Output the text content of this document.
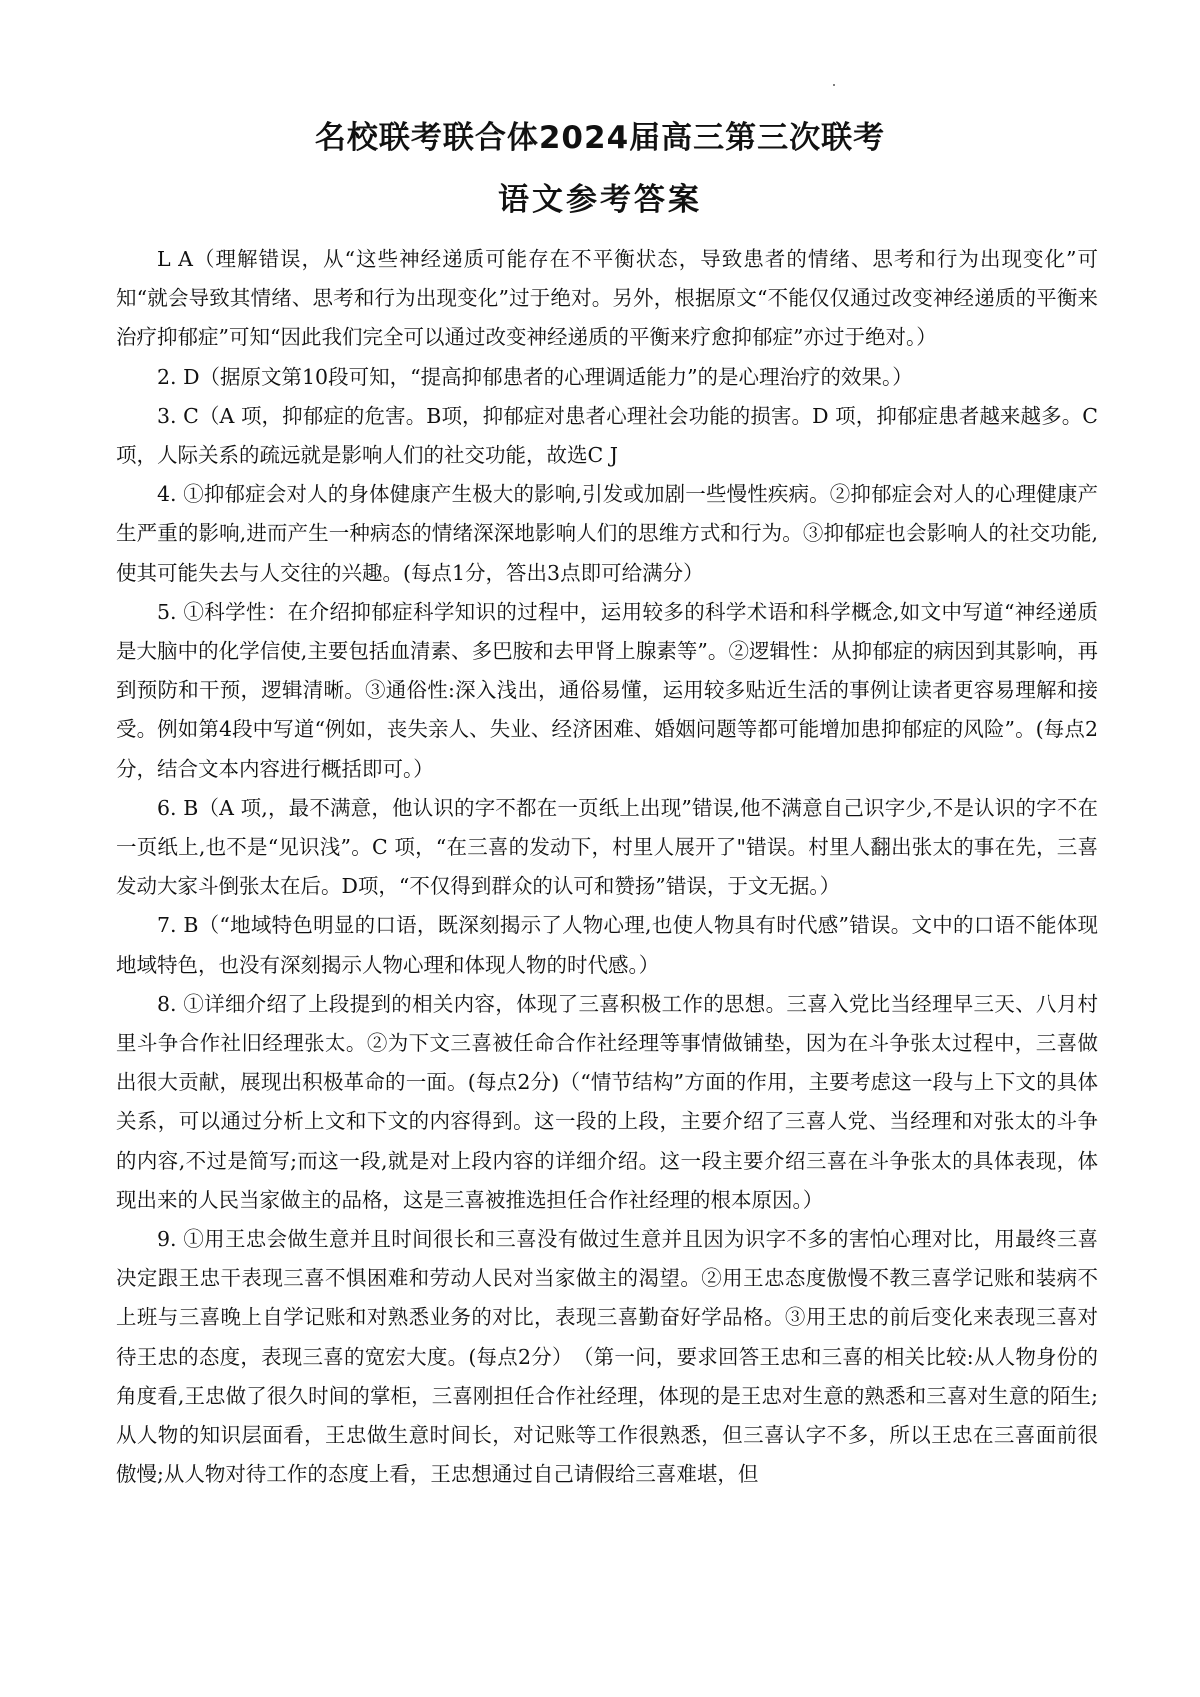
名校联考联合体2024届高三第三次联考
语文参考答案

L A（理解错误，从“这些神经递质可能存在不平衡状态，导致患者的情绪、思考和行为出现变化”可知“就会导致其情绪、思考和行为出现变化”过于绝对。另外，根据原文“不能仅仅通过改变神经递质的平衡来治疗抑郁症”可知“因此我们完全可以通过改变神经递质的平衡来疗愈抑郁症”亦过于绝对。）

2. D（据原文第10段可知，“提高抑郁患者的心理调适能力”的是心理治疗的效果。）

3. C（A 项，抑郁症的危害。B项，抑郁症对患者心理社会功能的损害。D 项，抑郁症患者越来越多。C 项，人际关系的疏远就是影响人们的社交功能，故选C J

4. ①抑郁症会对人的身体健康产生极大的影响,引发或加剧一些慢性疾病。②抑郁症会对人的心理健康产生严重的影响,进而产生一种病态的情绪深深地影响人们的思维方式和行为。③抑郁症也会影响人的社交功能,使其可能失去与人交往的兴趣。(每点1分，答出3点即可给满分）

5. ①科学性：在介绍抑郁症科学知识的过程中，运用较多的科学术语和科学概念,如文中写道“神经递质是大脑中的化学信使,主要包括血清素、多巴胺和去甲肾上腺素等”。②逻辑性：从抑郁症的病因到其影响，再到预防和干预，逻辑清晰。③通俗性:深入浅出，通俗易懂，运用较多贴近生活的事例让读者更容易理解和接受。例如第4段中写道“例如，丧失亲人、失业、经济困难、婚姻问题等都可能增加患抑郁症的风险”。(每点2分，结合文本内容进行概括即可。）

6. B（A 项,，最不满意，他认识的字不都在一页纸上出现”错误,他不满意自己识字少,不是认识的字不在一页纸上,也不是“见识浅”。C 项，“在三喜的发动下，村里人展开了"错误。村里人翻出张太的事在先，三喜发动大家斗倒张太在后。D项，“不仅得到群众的认可和赞扬”错误，于文无据。）

7. B（“地域特色明显的口语，既深刻揭示了人物心理,也使人物具有时代感”错误。文中的口语不能体现地域特色，也没有深刻揭示人物心理和体现人物的时代感。）

8. ①详细介绍了上段提到的相关内容，体现了三喜积极工作的思想。三喜入党比当经理早三天、八月村里斗争合作社旧经理张太。②为下文三喜被任命合作社经理等事情做铺垫，因为在斗争张太过程中，三喜做出很大贡献，展现出积极革命的一面。(每点2分)（“情节结构”方面的作用，主要考虑这一段与上下文的具体关系，可以通过分析上文和下文的内容得到。这一段的上段，主要介绍了三喜人党、当经理和对张太的斗争的内容,不过是简写;而这一段,就是对上段内容的详细介绍。这一段主要介绍三喜在斗争张太的具体表现，体现出来的人民当家做主的品格，这是三喜被推选担任合作社经理的根本原因。）

9. ①用王忠会做生意并且时间很长和三喜没有做过生意并且因为识字不多的害怕心理对比，用最终三喜决定跟王忠干表现三喜不惧困难和劳动人民对当家做主的渴望。②用王忠态度傲慢不教三喜学记账和装病不上班与三喜晚上自学记账和对熟悉业务的对比，表现三喜勤奋好学品格。③用王忠的前后变化来表现三喜对待王忠的态度，表现三喜的宽宏大度。(每点2分）　（第一问，要求回答王忠和三喜的相关比较:从人物身份的角度看,王忠做了很久时间的掌柜，三喜刚担任合作社经理，体现的是王忠对生意的熟悉和三喜对生意的陌生;从人物的知识层面看，王忠做生意时间长，对记账等工作很熟悉，但三喜认字不多，所以王忠在三喜面前很傲慢;从人物对待工作的态度上看，王忠想通过自己请假给三喜难堪，但
